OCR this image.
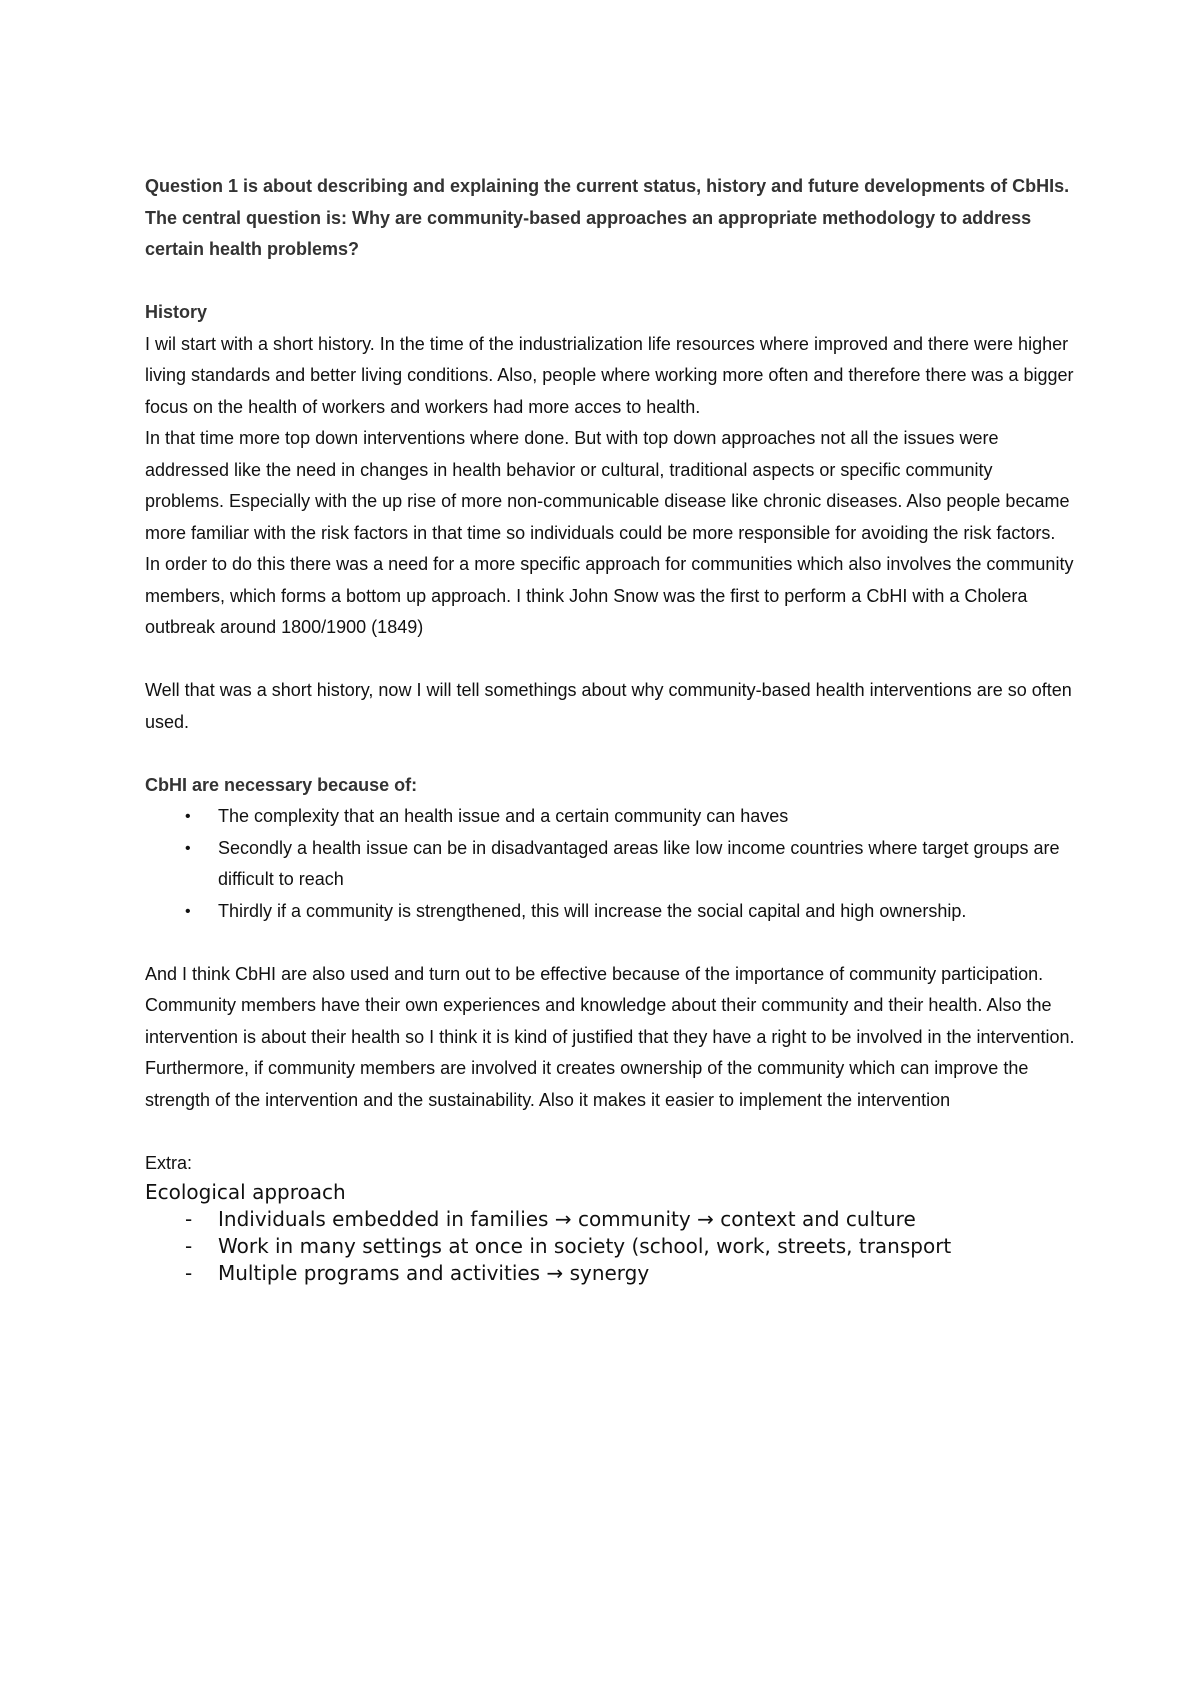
Question 1 is about describing and explaining the current status, history and future developments of CbHIs. The central question is: Why are community-based approaches an appropriate methodology to address certain health problems?

History

I wil start with a short history. In the time of the industrialization life resources where improved and there were higher living standards and better living conditions. Also, people where working more often and therefore there was a bigger focus on the health of workers and workers had more acces to health.

In that time more top down interventions where done. But with top down approaches not all the issues were addressed like the need in changes in health behavior or cultural, traditional aspects or specific community problems. Especially with the up rise of more non-communicable disease like chronic diseases. Also people became more familiar with the risk factors in that time so individuals could be more responsible for avoiding the risk factors.

In order to do this there was a need for a more specific approach for communities which also involves the community members, which forms a bottom up approach. I think John Snow was the first to perform a CbHI with a Cholera outbreak around 1800/1900 (1849)

Well that was a short history, now I will tell somethings about why community-based health interventions are so often used.

CbHI are necessary because of:

• The complexity that an health issue and a certain community can haves
• Secondly a health issue can be in disadvantaged areas like low income countries where target groups are difficult to reach
• Thirdly if a community is strengthened, this will increase the social capital and high ownership.

And I think CbHI are also used and turn out to be effective because of the importance of community participation.

Community members have their own experiences and knowledge about their community and their health. Also the intervention is about their health so I think it is kind of justified that they have a right to be involved in the intervention. Furthermore, if community members are involved it creates ownership of the community which can improve the strength of the intervention and the sustainability. Also it makes it easier to implement the intervention

Extra:

Ecological approach

- Individuals embedded in families → community → context and culture
- Work in many settings at once in society (school, work, streets, transport
- Multiple programs and activities → synergy
